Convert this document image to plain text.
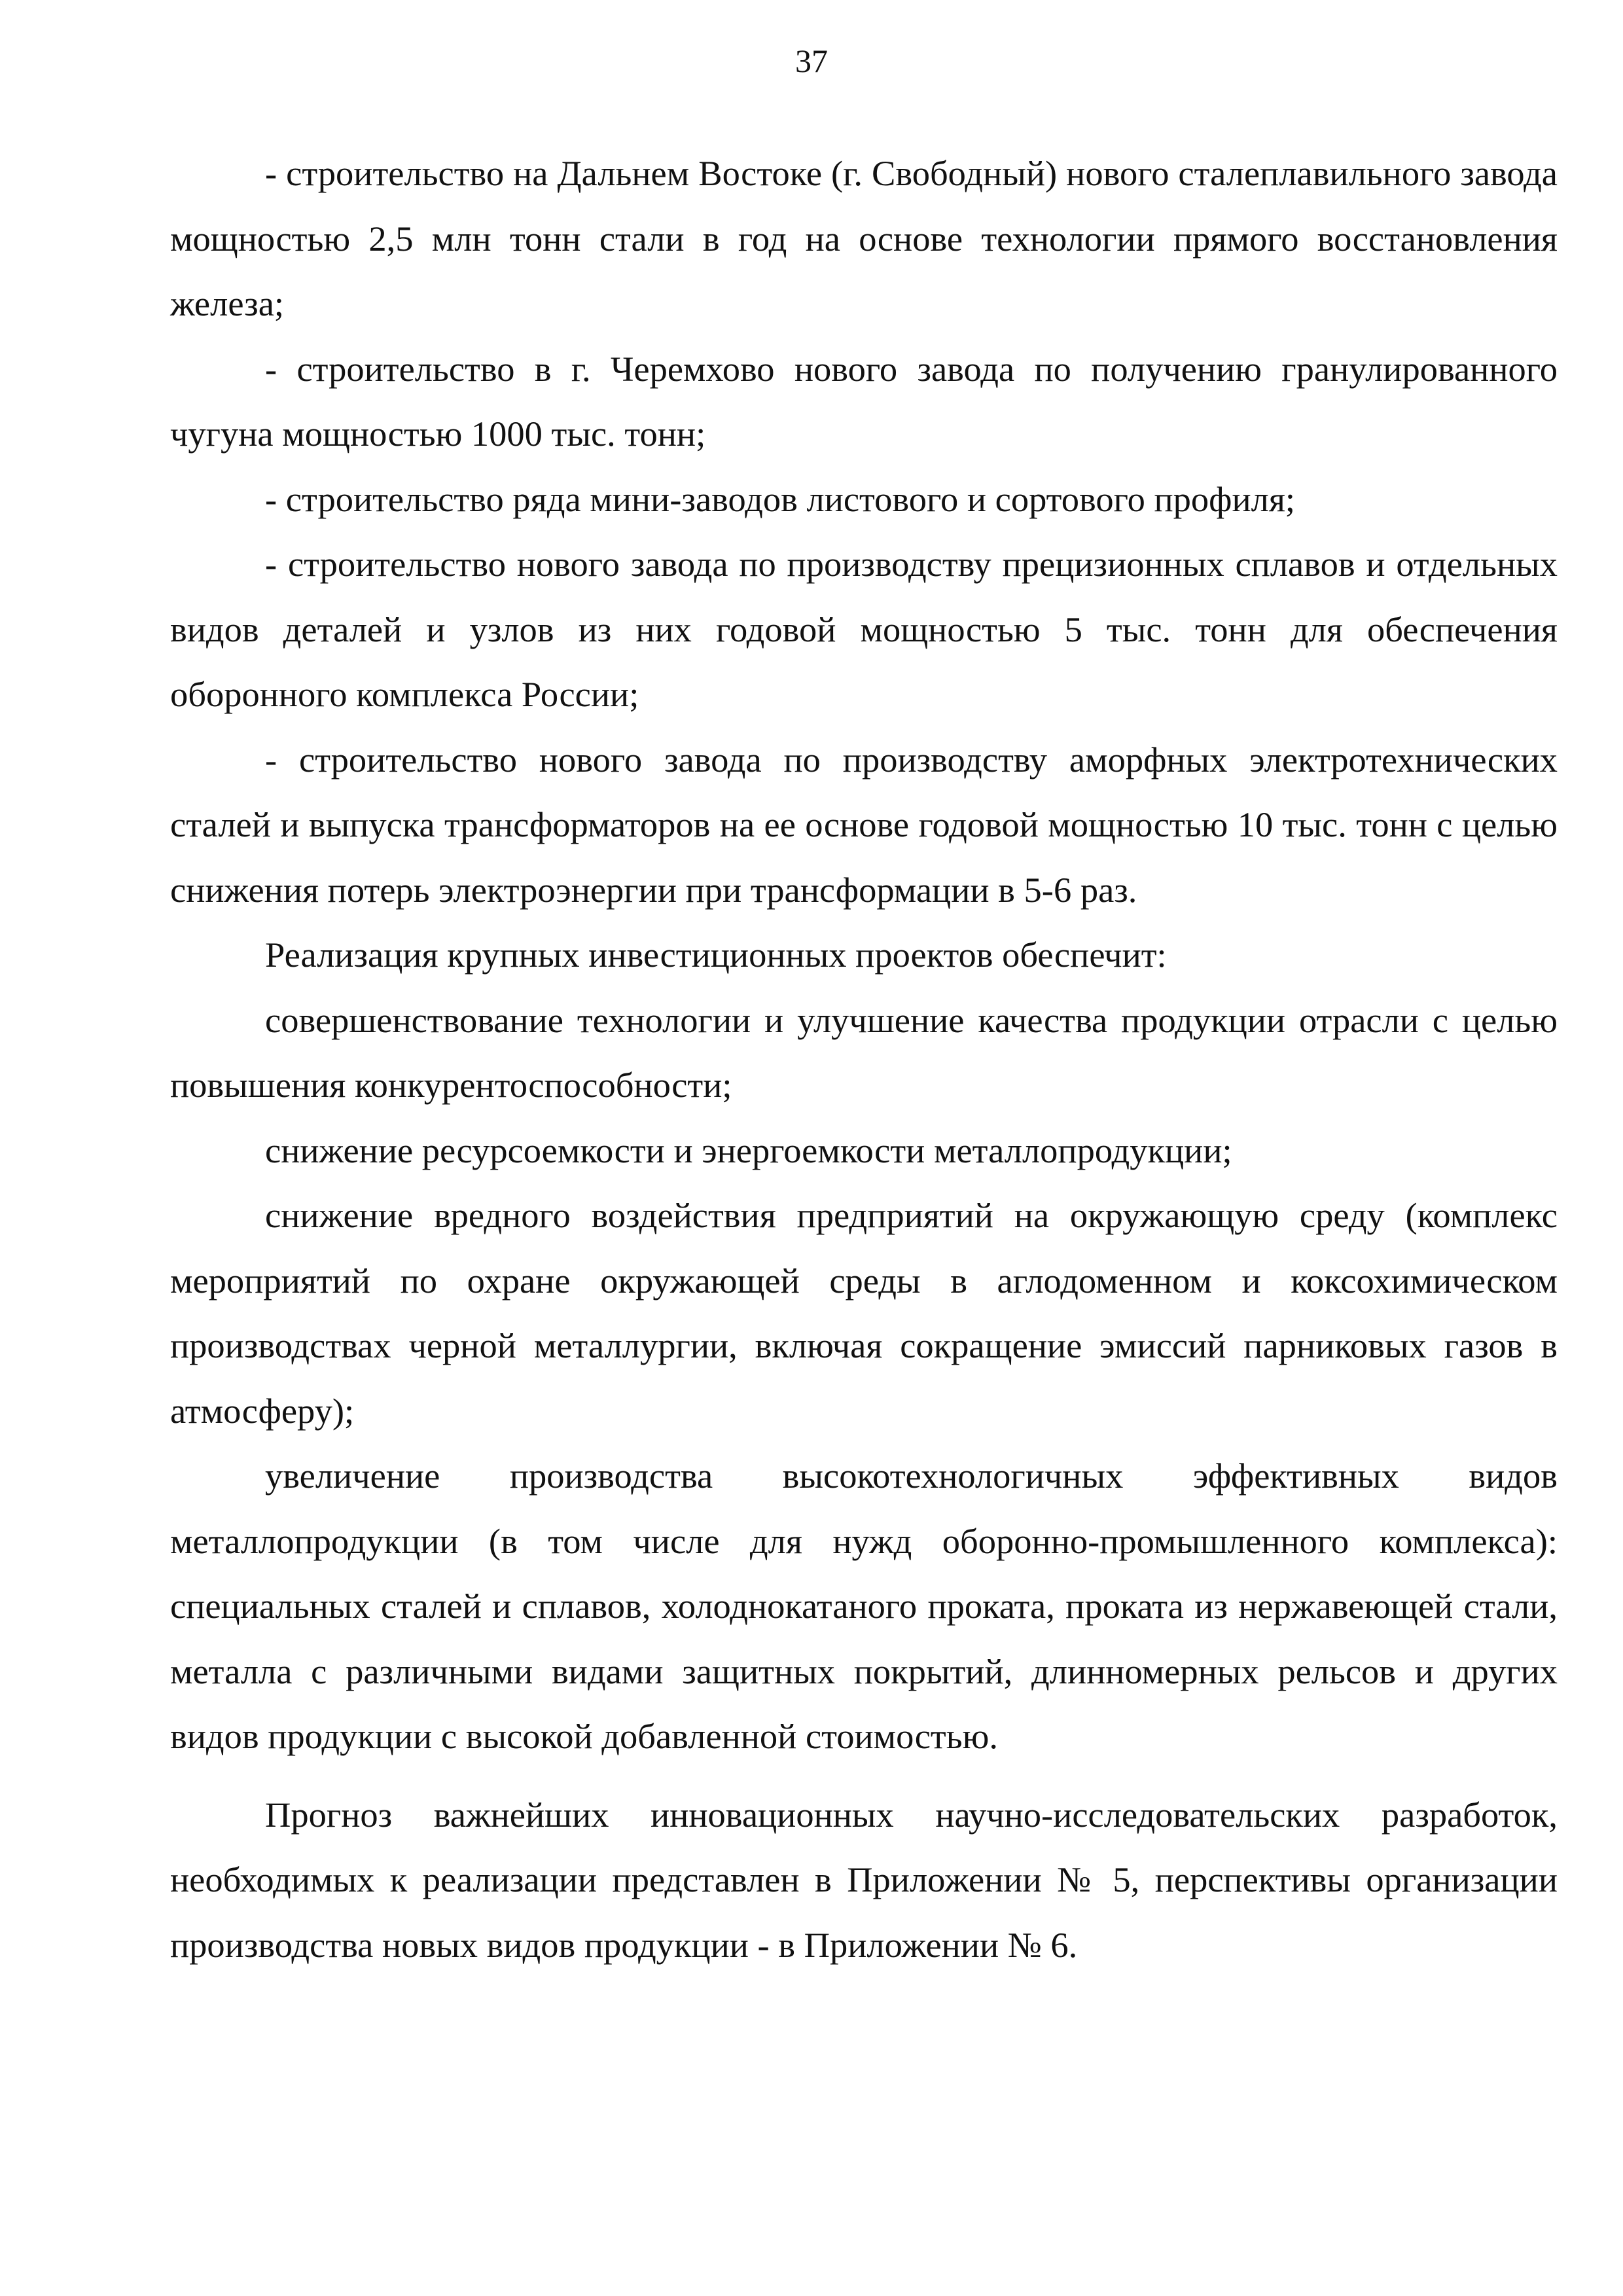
37

- строительство на Дальнем Востоке (г. Свободный) нового сталеплавильного завода мощностью 2,5 млн тонн стали в год на основе технологии прямого восстановления железа;

- строительство в г. Черемхово нового завода по получению гранулированного чугуна мощностью 1000 тыс. тонн;

- строительство ряда мини-заводов листового и сортового профиля;

- строительство нового завода по производству прецизионных сплавов и отдельных видов деталей и узлов из них годовой мощностью 5 тыс. тонн для обеспечения оборонного комплекса России;

- строительство нового завода по производству аморфных электротехнических сталей и выпуска трансформаторов на ее основе годовой мощностью 10 тыс. тонн с целью снижения потерь электроэнергии при трансформации в 5-6 раз.

Реализация крупных инвестиционных проектов обеспечит:

совершенствование технологии и улучшение качества продукции отрасли с целью повышения конкурентоспособности;

снижение ресурсоемкости и энергоемкости металлопродукции;

снижение вредного воздействия предприятий на окружающую среду (комплекс мероприятий по охране окружающей среды в аглодоменном и коксохимическом производствах черной металлургии, включая сокращение эмиссий парниковых газов в атмосферу);

увеличение производства высокотехнологичных эффективных видов металлопродукции (в том числе для нужд оборонно-промышленного комплекса): специальных сталей и сплавов, холоднокатаного проката, проката из нержавеющей стали, металла с различными видами защитных покрытий, длинномерных рельсов и других видов продукции с высокой добавленной стоимостью.

Прогноз важнейших инновационных научно-исследовательских разработок, необходимых к реализации представлен в Приложении № 5, перспективы организации производства новых видов продукции - в Приложении № 6.
